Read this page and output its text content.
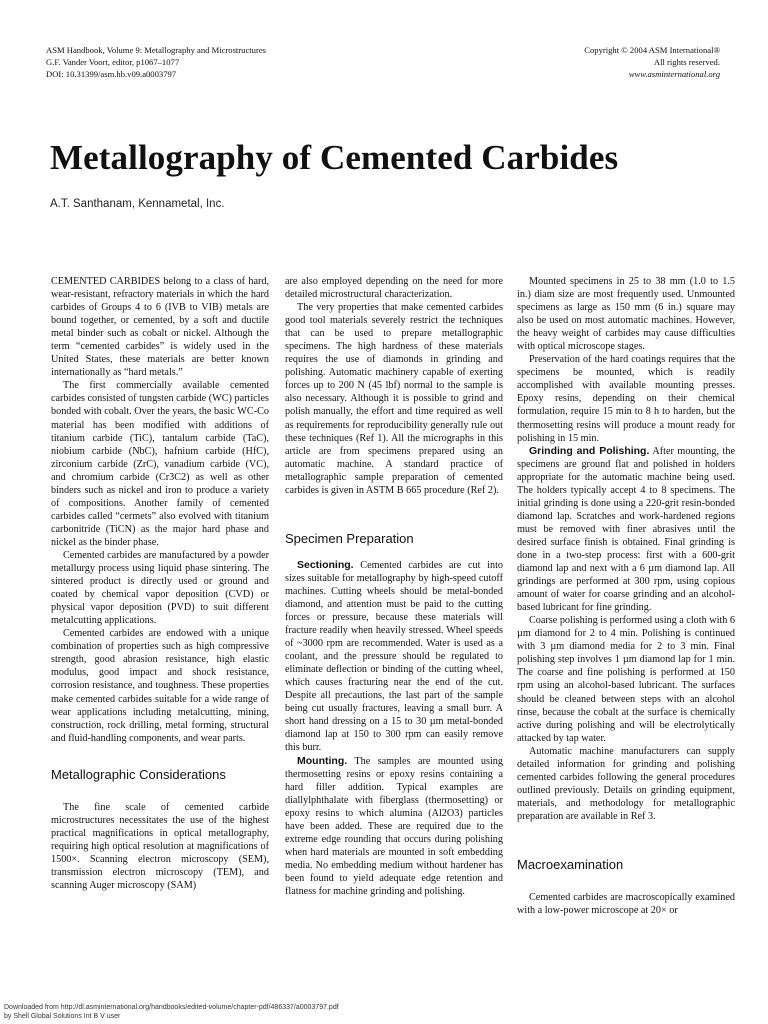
ASM Handbook, Volume 9: Metallography and Microstructures
G.F. Vander Voort, editor, p1067–1077
DOI: 10.31399/asm.hb.v09.a0003797
Copyright © 2004 ASM International®
All rights reserved.
www.asminternational.org
Metallography of Cemented Carbides
A.T. Santhanam, Kennametal, Inc.

CEMENTED CARBIDES belong to a class of hard, wear-resistant, refractory materials in which the hard carbides of Groups 4 to 6 (IVB to VIB) metals are bound together, or cemented, by a soft and ductile metal binder such as cobalt or nickel. Although the term “cemented carbides” is widely used in the United States, these materials are better known internationally as “hard metals.”

The first commercially available cemented carbides consisted of tungsten carbide (WC) particles bonded with cobalt. Over the years, the basic WC-Co material has been modified with additions of titanium carbide (TiC), tantalum carbide (TaC), niobium carbide (NbC), hafnium carbide (HfC), zirconium carbide (ZrC), vanadium carbide (VC), and chromium carbide (Cr3C2) as well as other binders such as nickel and iron to produce a variety of compositions. Another family of cemented carbides called “cermets” also evolved with titanium carbonitride (TiCN) as the major hard phase and nickel as the binder phase.

Cemented carbides are manufactured by a powder metallurgy process using liquid phase sintering. The sintered product is directly used or ground and coated by chemical vapor deposition (CVD) or physical vapor deposition (PVD) to suit different metalcutting applications.

Cemented carbides are endowed with a unique combination of properties such as high compressive strength, good abrasion resistance, high elastic modulus, good impact and shock resistance, corrosion resistance, and toughness. These properties make cemented carbides suitable for a wide range of wear applications including metalcutting, mining, construction, rock drilling, metal forming, structural and fluid-handling components, and wear parts.

Metallographic Considerations

The fine scale of cemented carbide microstructures necessitates the use of the highest practical magnifications in optical metallography, requiring high optical resolution at magnifications of 1500×. Scanning electron microscopy (SEM), transmission electron microscopy (TEM), and scanning Auger microscopy (SAM)

are also employed depending on the need for more detailed microstructural characterization.

The very properties that make cemented carbides good tool materials severely restrict the techniques that can be used to prepare metallographic specimens. The high hardness of these materials requires the use of diamonds in grinding and polishing. Automatic machinery capable of exerting forces up to 200 N (45 lbf) normal to the sample is also necessary. Although it is possible to grind and polish manually, the effort and time required as well as requirements for reproducibility generally rule out these techniques (Ref 1). All the micrographs in this article are from specimens prepared using an automatic machine. A standard practice of metallographic sample preparation of cemented carbides is given in ASTM B 665 procedure (Ref 2).

Specimen Preparation

Sectioning. Cemented carbides are cut into sizes suitable for metallography by high-speed cutoff machines. Cutting wheels should be metal-bonded diamond, and attention must be paid to the cutting forces or pressure, because these materials will fracture readily when heavily stressed. Wheel speeds of ~3000 rpm are recommended. Water is used as a coolant, and the pressure should be regulated to eliminate deflection or binding of the cutting wheel, which causes fracturing near the end of the cut. Despite all precautions, the last part of the sample being cut usually fractures, leaving a small burr. A short hand dressing on a 15 to 30 µm metal-bonded diamond lap at 150 to 300 rpm can easily remove this burr.

Mounting. The samples are mounted using thermosetting resins or epoxy resins containing a hard filler addition. Typical examples are diallylphthalate with fiberglass (thermosetting) or epoxy resins to which alumina (Al2O3) particles have been added. These are required due to the extreme edge rounding that occurs during polishing when hard materials are mounted in soft embedding media. No embedding medium without hardener has been found to yield adequate edge retention and flatness for machine grinding and polishing.

Mounted specimens in 25 to 38 mm (1.0 to 1.5 in.) diam size are most frequently used. Unmounted specimens as large as 150 mm (6 in.) square may also be used on most automatic machines. However, the heavy weight of carbides may cause difficulties with optical microscope stages.

Preservation of the hard coatings requires that the specimens be mounted, which is readily accomplished with available mounting presses. Epoxy resins, depending on their chemical formulation, require 15 min to 8 h to harden, but the thermosetting resins will produce a mount ready for polishing in 15 min.

Grinding and Polishing. After mounting, the specimens are ground flat and polished in holders appropriate for the automatic machine being used. The holders typically accept 4 to 8 specimens. The initial grinding is done using a 220-grit resin-bonded diamond lap. Scratches and work-hardened regions must be removed with finer abrasives until the desired surface finish is obtained. Final grinding is done in a two-step process: first with a 600-grit diamond lap and next with a 6 µm diamond lap. All grindings are performed at 300 rpm, using copious amount of water for coarse grinding and an alcohol-based lubricant for fine grinding.

Coarse polishing is performed using a cloth with 6 µm diamond for 2 to 4 min. Polishing is continued with 3 µm diamond media for 2 to 3 min. Final polishing step involves 1 µm diamond lap for 1 min. The coarse and fine polishing is performed at 150 rpm using an alcohol-based lubricant. The surfaces should be cleaned between steps with an alcohol rinse, because the cobalt at the surface is chemically active during polishing and will be electrolytically attacked by tap water.

Automatic machine manufacturers can supply detailed information for grinding and polishing cemented carbides following the general procedures outlined previously. Details on grinding equipment, materials, and methodology for metallographic preparation are available in Ref 3.

Macroexamination

Cemented carbides are macroscopically examined with a low-power microscope at 20× or

Downloaded from http://dl.asminternational.org/handbooks/edited-volume/chapter-pdf/486337/a0003797.pdf
by Shell Global Solutions Int B V user
